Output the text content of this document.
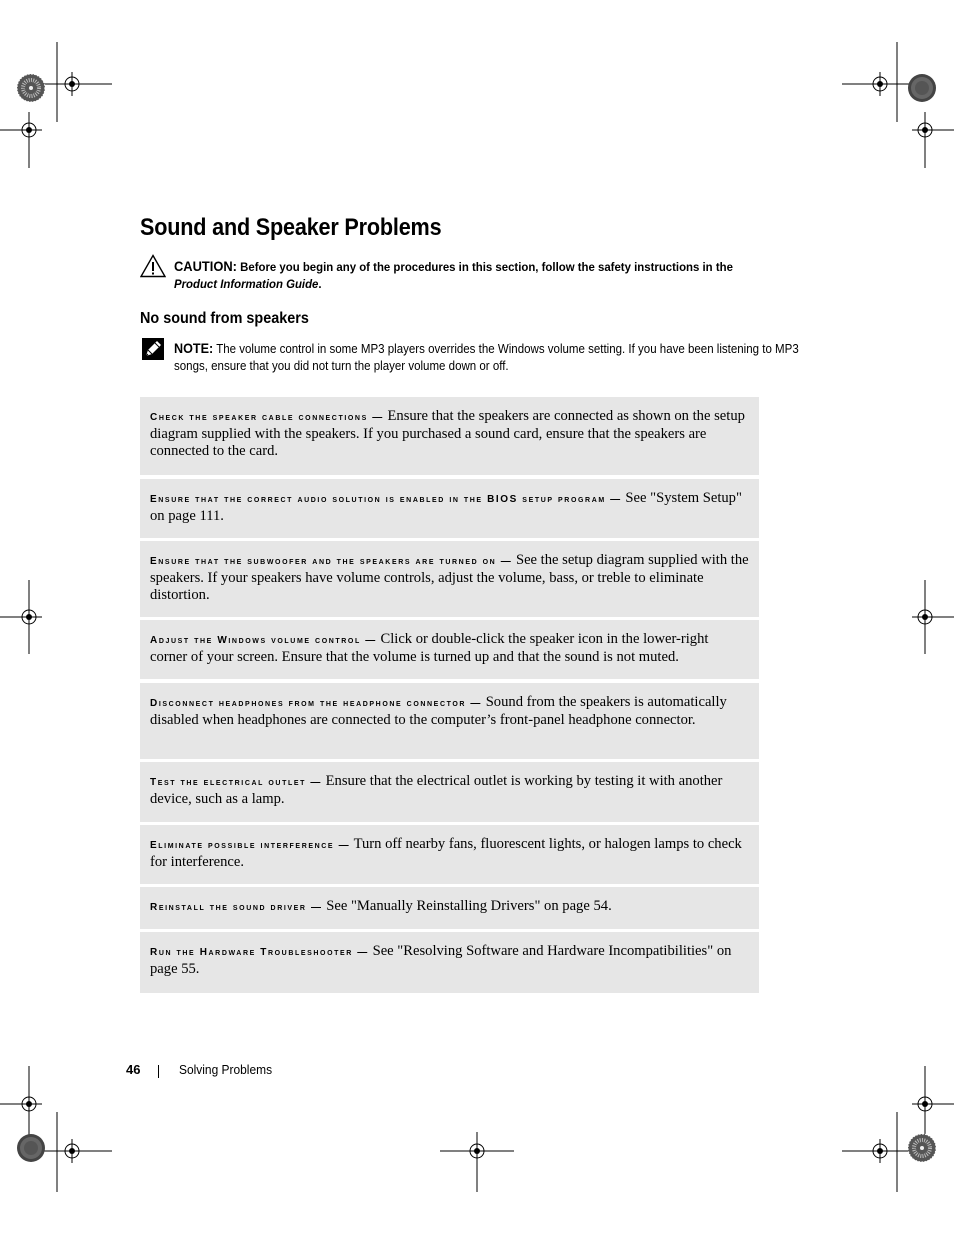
Sound and Speaker Problems
CAUTION: Before you begin any of the procedures in this section, follow the safety instructions in the Product Information Guide.
No sound from speakers
NOTE: The volume control in some MP3 players overrides the Windows volume setting. If you have been listening to MP3 songs, ensure that you did not turn the player volume down or off.
Check the speaker cable connections — Ensure that the speakers are connected as shown on the setup diagram supplied with the speakers. If you purchased a sound card, ensure that the speakers are connected to the card.
Ensure that the correct audio solution is enabled in the BIOS setup program — See "System Setup" on page 111.
Ensure that the subwoofer and the speakers are turned on — See the setup diagram supplied with the speakers. If your speakers have volume controls, adjust the volume, bass, or treble to eliminate distortion.
Adjust the Windows volume control — Click or double-click the speaker icon in the lower-right corner of your screen. Ensure that the volume is turned up and that the sound is not muted.
Disconnect headphones from the headphone connector — Sound from the speakers is automatically disabled when headphones are connected to the computer’s front-panel headphone connector.
Test the electrical outlet — Ensure that the electrical outlet is working by testing it with another device, such as a lamp.
Eliminate possible interference — Turn off nearby fans, fluorescent lights, or halogen lamps to check for interference.
Reinstall the sound driver — See "Manually Reinstalling Drivers" on page 54.
Run the Hardware Troubleshooter — See "Resolving Software and Hardware Incompatibilities" on page 55.
46	Solving Problems
